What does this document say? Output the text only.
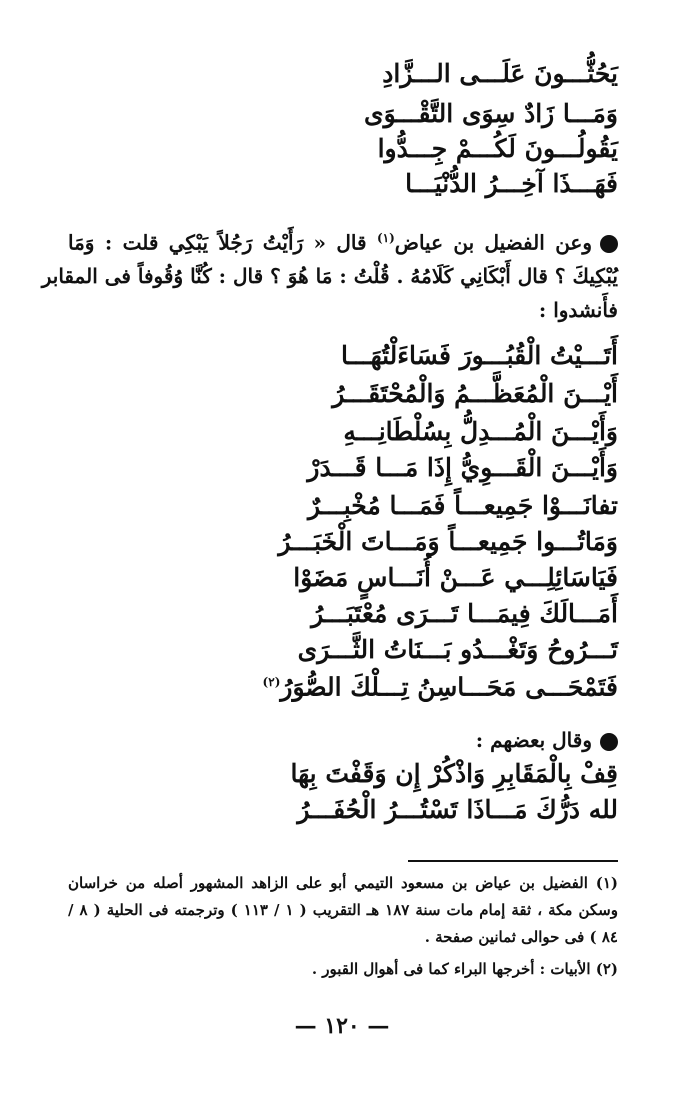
يَحُثُّـــونَ عَلَـــى الـــزَّادِ
وَمَـــا زَادٌ سِوَى التَّقْـــوَى
يَقُولُـــونَ لَكُـــمْ جِـــدُّوا
فَهَـــذَا آخِـــرُ الدُّنْيَـــا
وعن الفضيل بن عياض$^{(١)}$ قال « رَأَيْتُ رَجُلاً يَبْكِي قلت : وَمَا
يُبْكِيكَ ؟ قال أَبْكَانِي كَلَامُهُ . قُلْتُ : مَا هُوَ ؟ قال : كُنَّا وُقُوفاً فى المقابر
فأَنشدوا :
أَتَـــيْتُ الْقُبُـــورَ فَسَاءَلْتُهَـــا
أَيْـــنَ الْمُعَظَّـــمُ وَالْمُحْتَقَـــرُ
وَأَيْـــنَ الْمُـــدِلُّ بِسُلْطَانِـــهِ
وَأَيْـــنَ الْقَـــوِيُّ إِذَا مَـــا قَـــدَرْ
تفانَـــوْا جَمِيعـــاً فَمَـــا مُخْبِـــرٌ
وَمَاتُـــوا جَمِيعـــاً وَمَـــاتَ الْخَبَـــرُ
فَيَاسَائِلِـــي عَـــنْ أُنَـــاسٍ مَضَوْا
أَمَـــالَكَ فِيمَـــا تَـــرَى مُعْتَبَـــرُ
تَـــرُوحُ وَتَغْـــدُو بَـــنَاتُ الثَّـــرَى
فَتَمْحَـــى مَحَـــاسِنُ تِـــلْكَ الصُّوَرُ$^{(٢)}$
وقال بعضهم :
قِفْ بِالْمَقَابِرِ وَاذْكُرْ إِن وَقَفْتَ بِهَا
لله دَرُّكَ مَـــاذَا تَسْتُـــرُ الْحُفَـــرُ
(١) الفضيل بن عياض بن مسعود التيمي أبو على الزاهد المشهور أصله من خراسان وسكن مكة ، ثقة إمام مات سنة ١٨٧ هـ التقريب ( ١ / ١١٣ ) وترجمته فى الحلية ( ٨ / ٨٤ ) فى حوالى ثمانين صفحة .
(٢) الأبيات : أخرجها البراء كما فى أهوال القبور .
— ١٢٠ —
